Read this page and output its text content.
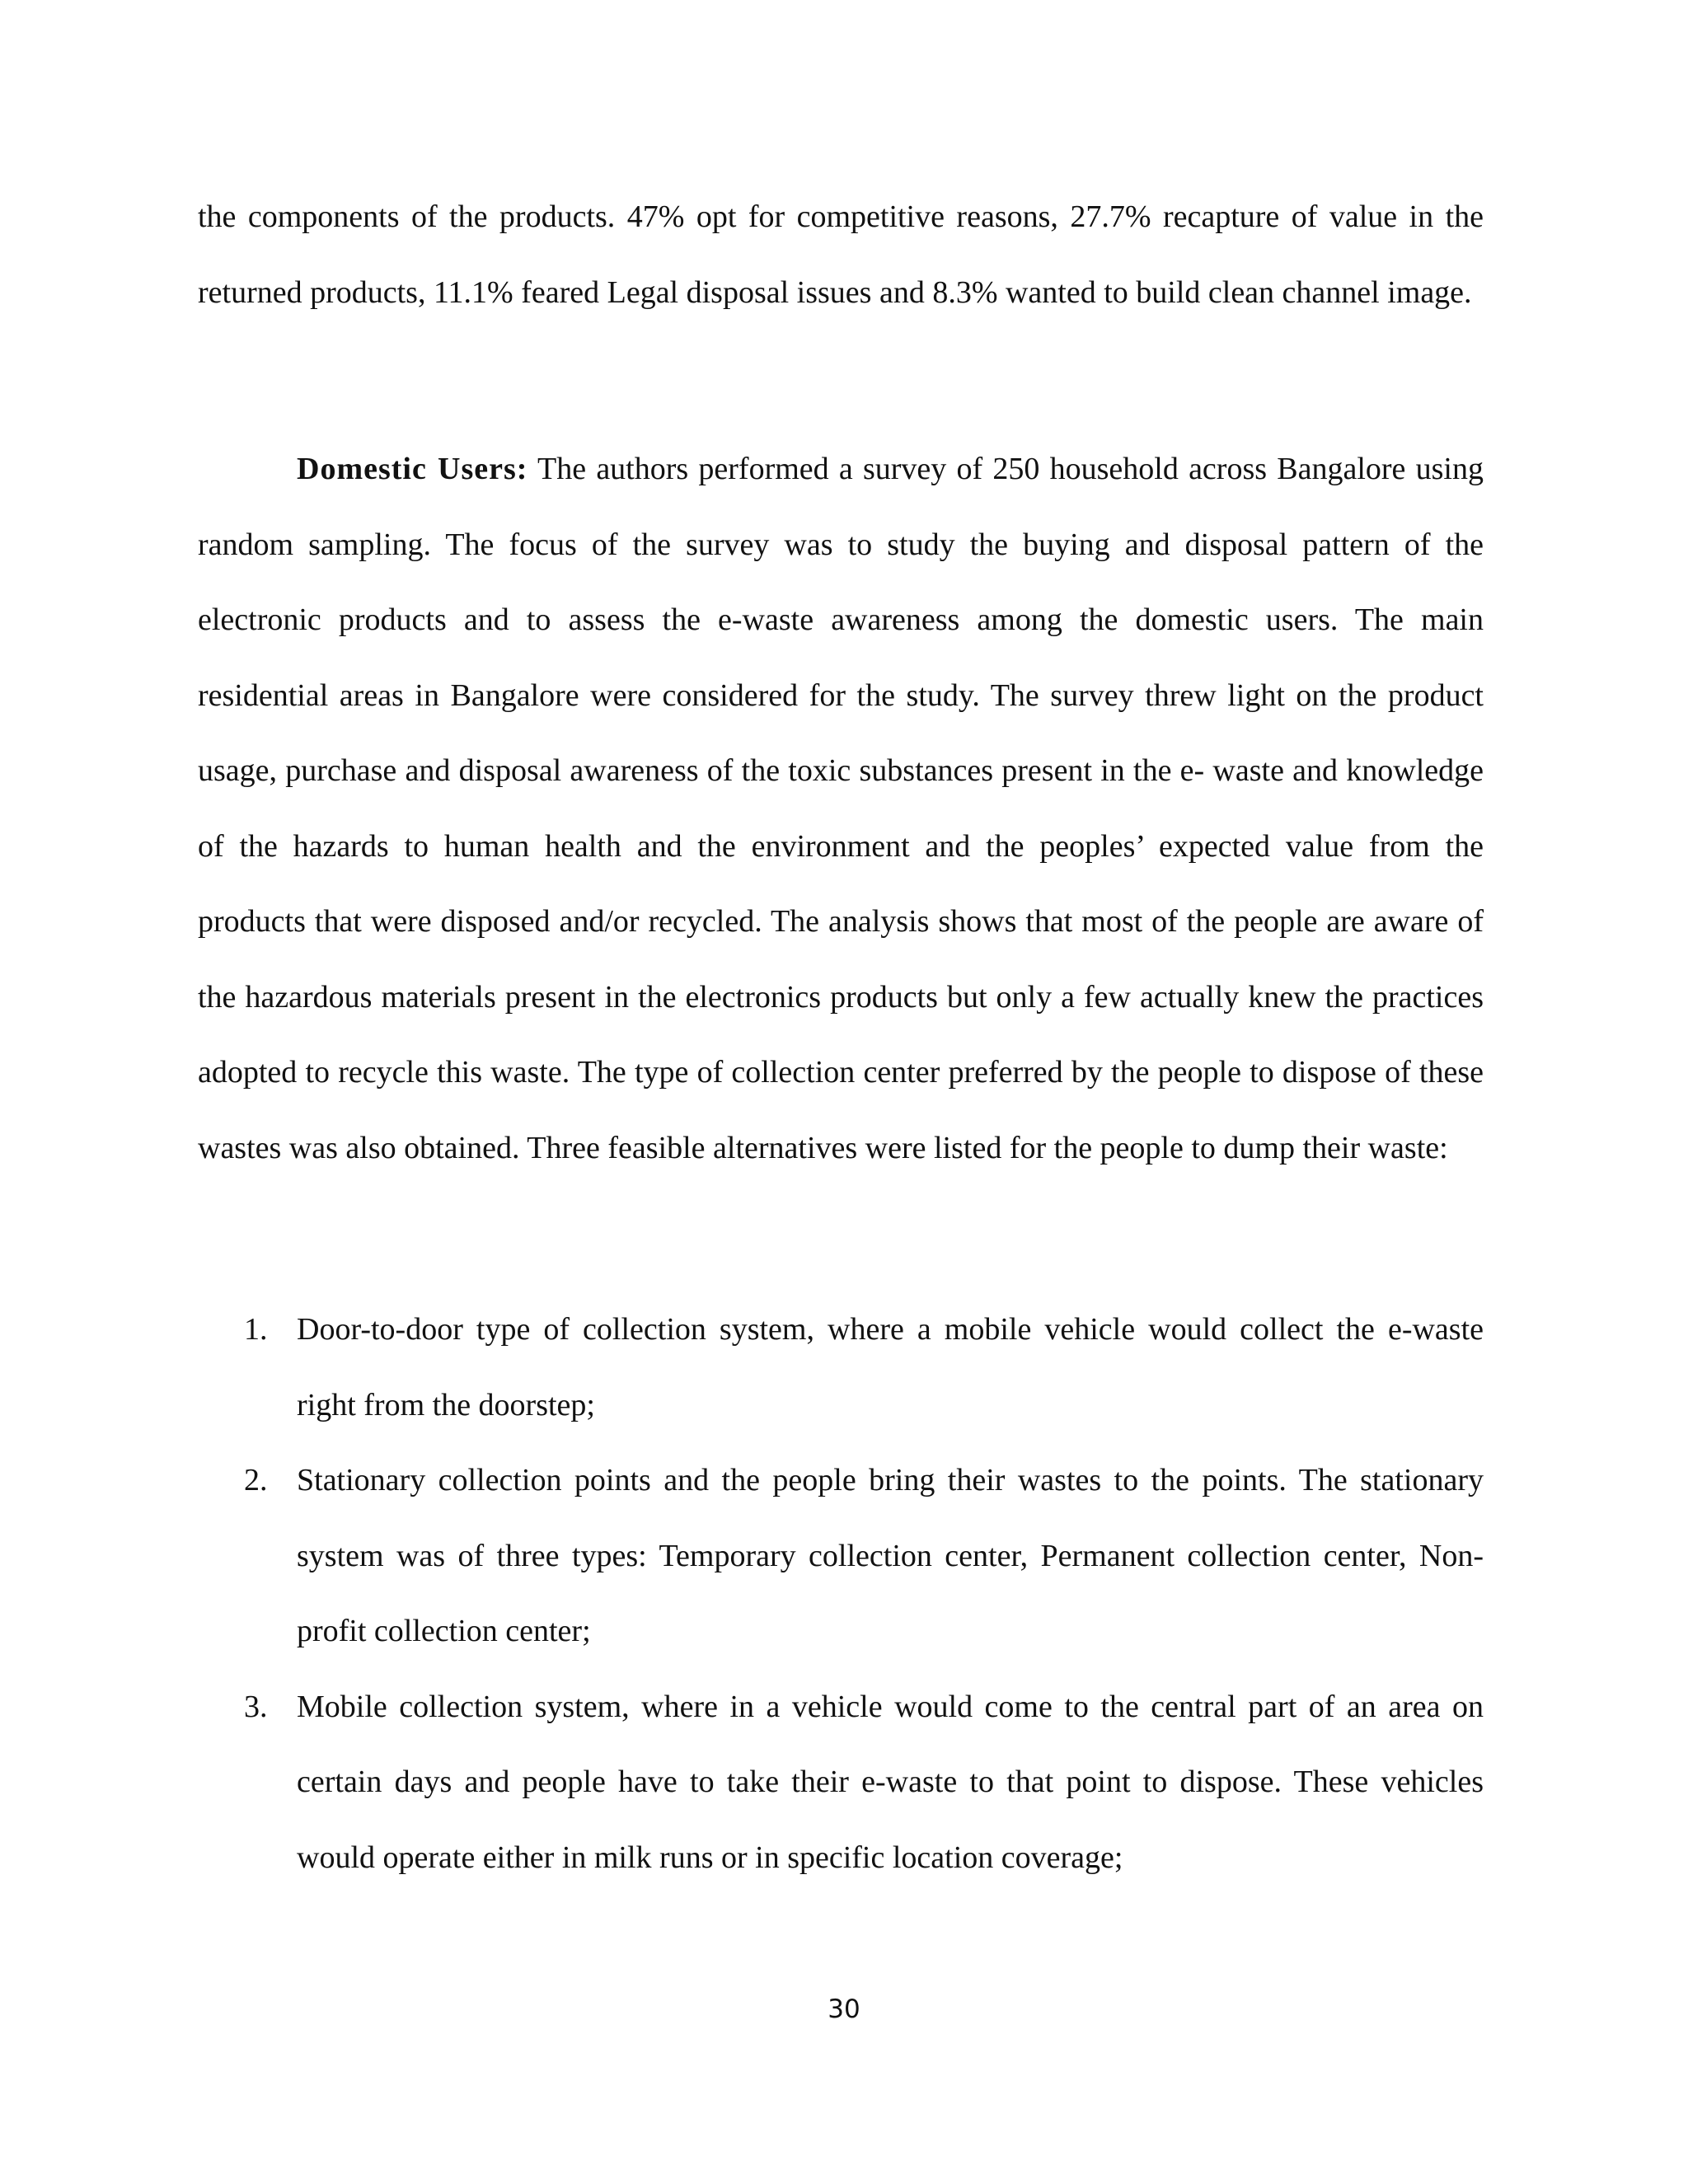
the components of the products. 47% opt for competitive reasons, 27.7% recapture of value in the returned products, 11.1% feared Legal disposal issues and 8.3% wanted to build clean channel image.

Domestic Users: The authors performed a survey of 250 household across Bangalore using random sampling. The focus of the survey was to study the buying and disposal pattern of the electronic products and to assess the e-waste awareness among the domestic users. The main residential areas in Bangalore were considered for the study. The survey threw light on the product usage, purchase and disposal awareness of the toxic substances present in the e- waste and knowledge of the hazards to human health and the environment and the peoples’ expected value from the products that were disposed and/or recycled. The analysis shows that most of the people are aware of the hazardous materials present in the electronics products but only a few actually knew the practices adopted to recycle this waste. The type of collection center preferred by the people to dispose of these wastes was also obtained. Three feasible alternatives were listed for the people to dump their waste:

1. Door-to-door type of collection system, where a mobile vehicle would collect the e-waste right from the doorstep;
2. Stationary collection points and the people bring their wastes to the points. The stationary system was of three types: Temporary collection center, Permanent collection center, Non-profit collection center;
3. Mobile collection system, where in a vehicle would come to the central part of an area on certain days and people have to take their e-waste to that point to dispose. These vehicles would operate either in milk runs or in specific location coverage;
30
